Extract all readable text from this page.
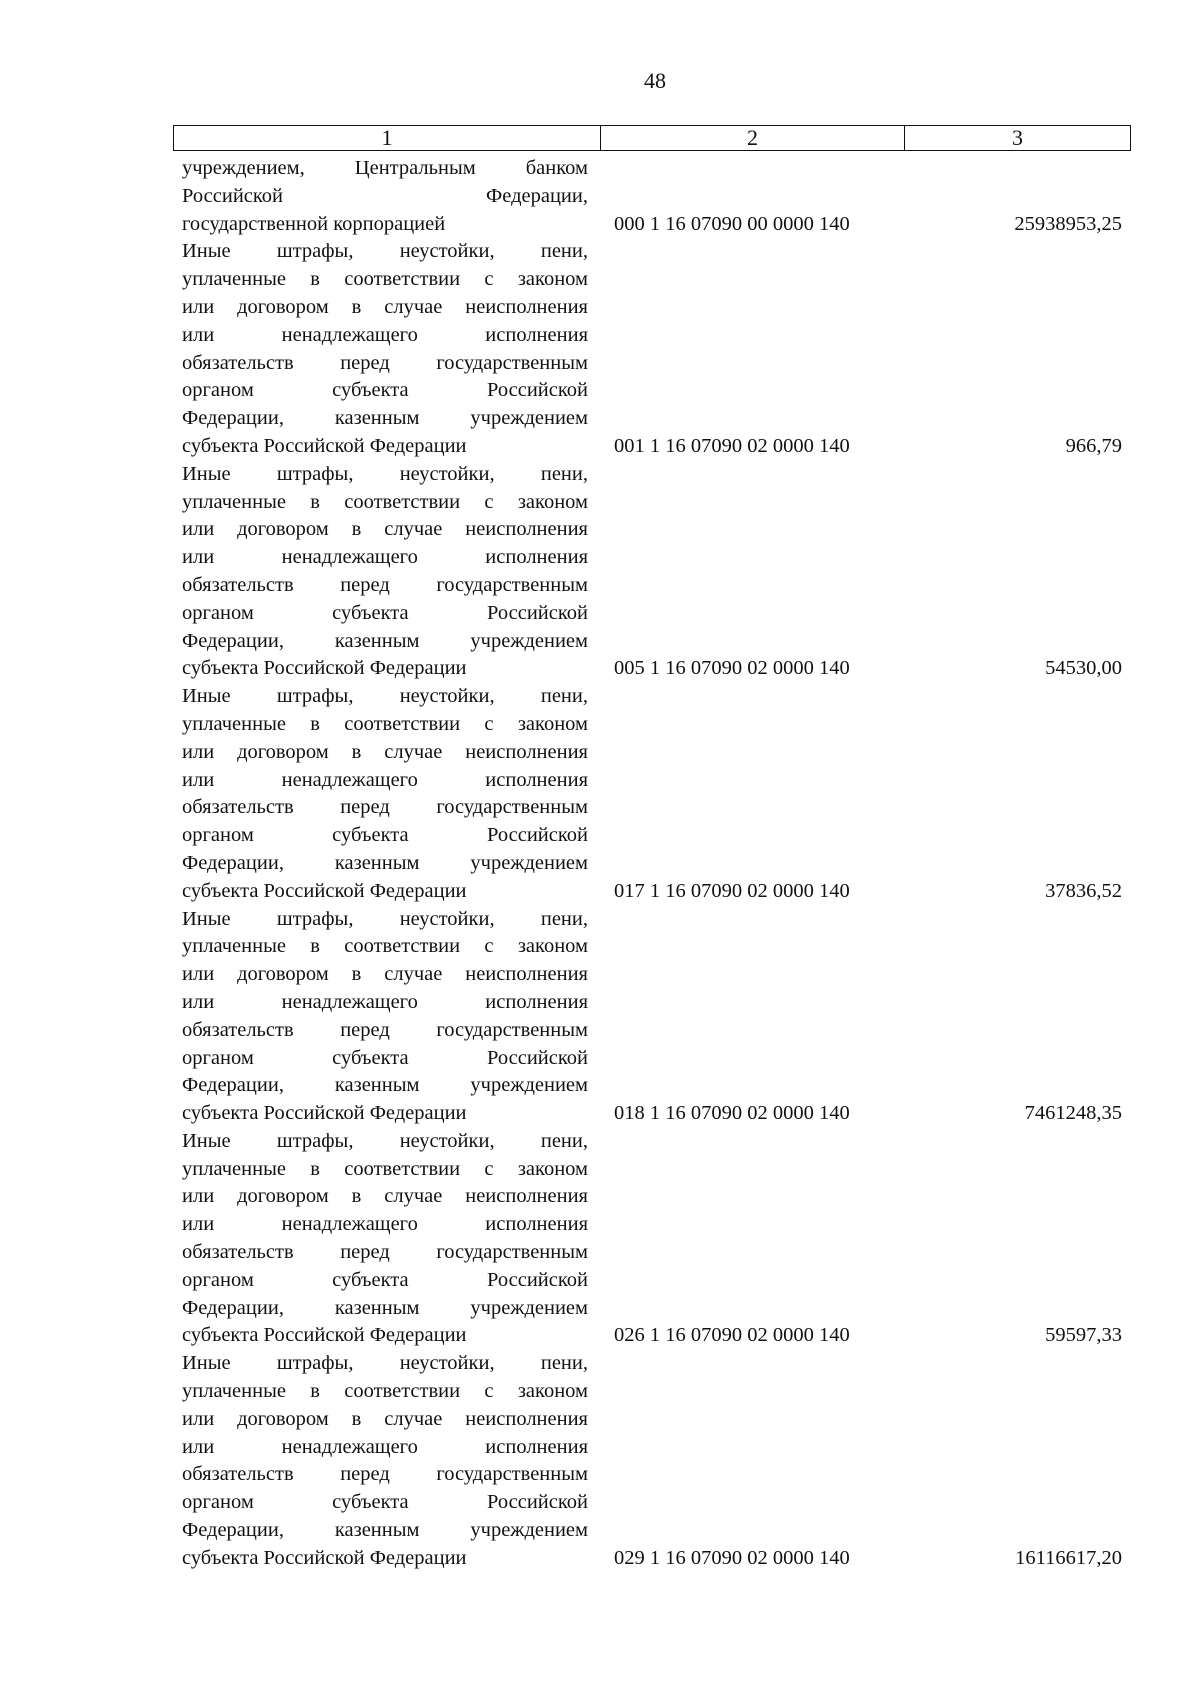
48
1	2	3
учреждением, Центральным банком
Российской Федерации,
государственной корпорацией	000 1 16 07090 00 0000 140	25938953,25
Иные штрафы, неустойки, пени,
уплаченные в соответствии с законом
или договором в случае неисполнения
или ненадлежащего исполнения
обязательств перед государственным
органом субъекта Российской
Федерации, казенным учреждением
субъекта Российской Федерации	001 1 16 07090 02 0000 140	966,79
Иные штрафы, неустойки, пени,
уплаченные в соответствии с законом
или договором в случае неисполнения
или ненадлежащего исполнения
обязательств перед государственным
органом субъекта Российской
Федерации, казенным учреждением
субъекта Российской Федерации	005 1 16 07090 02 0000 140	54530,00
Иные штрафы, неустойки, пени,
уплаченные в соответствии с законом
или договором в случае неисполнения
или ненадлежащего исполнения
обязательств перед государственным
органом субъекта Российской
Федерации, казенным учреждением
субъекта Российской Федерации	017 1 16 07090 02 0000 140	37836,52
Иные штрафы, неустойки, пени,
уплаченные в соответствии с законом
или договором в случае неисполнения
или ненадлежащего исполнения
обязательств перед государственным
органом субъекта Российской
Федерации, казенным учреждением
субъекта Российской Федерации	018 1 16 07090 02 0000 140	7461248,35
Иные штрафы, неустойки, пени,
уплаченные в соответствии с законом
или договором в случае неисполнения
или ненадлежащего исполнения
обязательств перед государственным
органом субъекта Российской
Федерации, казенным учреждением
субъекта Российской Федерации	026 1 16 07090 02 0000 140	59597,33
Иные штрафы, неустойки, пени,
уплаченные в соответствии с законом
или договором в случае неисполнения
или ненадлежащего исполнения
обязательств перед государственным
органом субъекта Российской
Федерации, казенным учреждением
субъекта Российской Федерации	029 1 16 07090 02 0000 140	16116617,20
